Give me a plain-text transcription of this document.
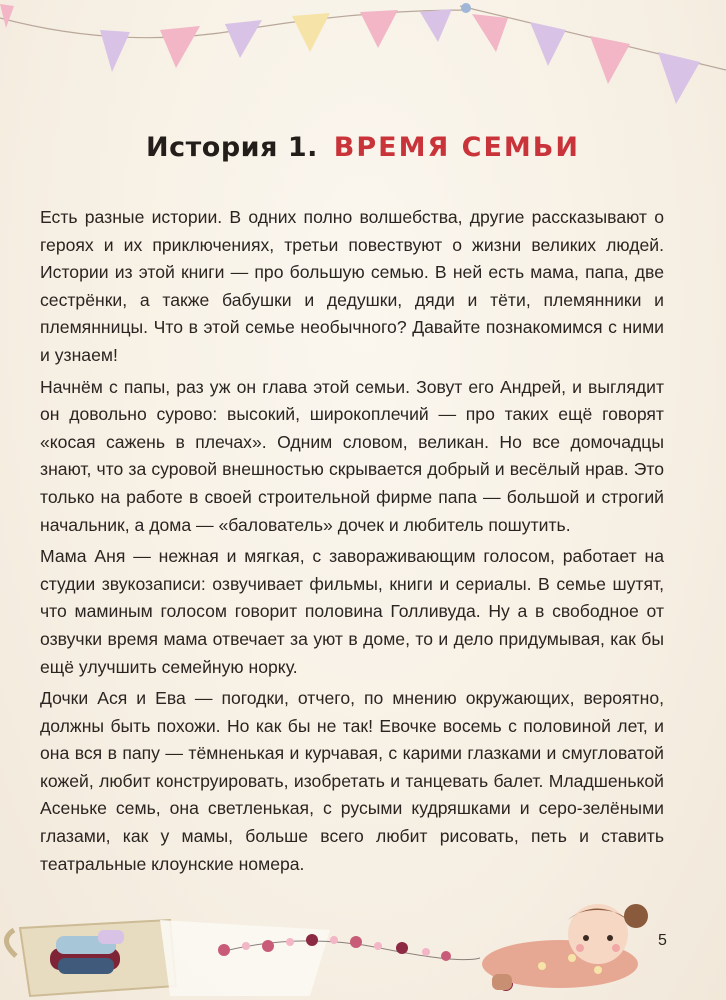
История 1. ВРЕМЯ СЕМЬИ

Есть разные истории. В одних полно волшебства, другие рассказывают о героях и их приключениях, третьи повествуют о жизни великих людей. Истории из этой книги — про большую семью. В ней есть мама, папа, две сестрёнки, а также бабушки и дедушки, дяди и тёти, племянники и племянницы. Что в этой семье необычного? Давайте познакомимся с ними и узнаем!

Начнём с папы, раз уж он глава этой семьи. Зовут его Андрей, и выглядит он довольно сурово: высокий, широкоплечий — про таких ещё говорят «косая сажень в плечах». Одним словом, великан. Но все домочадцы знают, что за суровой внешностью скрывается добрый и весёлый нрав. Это только на работе в своей строительной фирме папа — большой и строгий начальник, а дома — «балователь» дочек и любитель пошутить.

Мама Аня — нежная и мягкая, с завораживающим голосом, работает на студии звукозаписи: озвучивает фильмы, книги и сериалы. В семье шутят, что маминым голосом говорит половина Голливуда. Ну а в свободное от озвучки время мама отвечает за уют в доме, то и дело придумывая, как бы ещё улучшить семейную норку.

Дочки Ася и Ева — погодки, отчего, по мнению окружающих, вероятно, должны быть похожи. Но как бы не так! Евочке восемь с половиной лет, и она вся в папу — тёмненькая и курчавая, с карими глазками и смугловатой кожей, любит конструировать, изобретать и танцевать балет. Младшенькой Асеньке семь, она светленькая, с русыми кудряшками и серо-зелёными глазами, как у мамы, больше всего любит рисовать, петь и ставить театральные клоунские номера.

5
